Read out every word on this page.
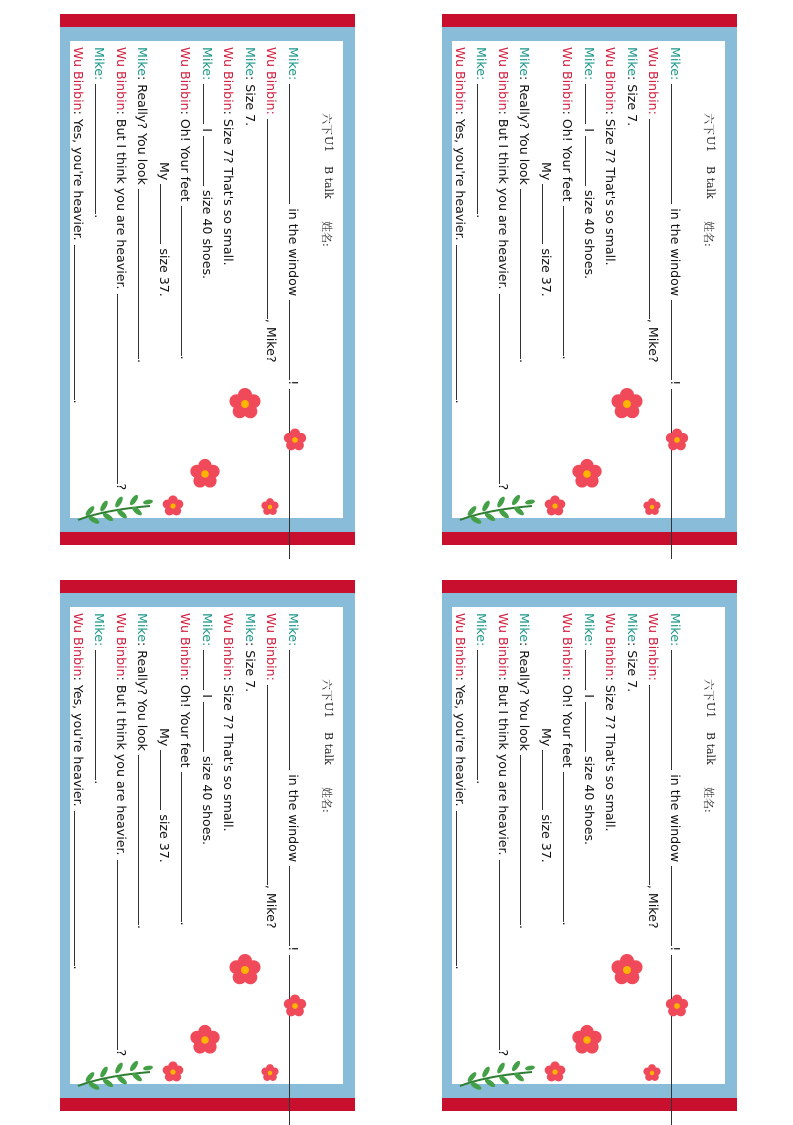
六下
U1
B talk
姓名:
Mike:  in the window !
Wu Binbin: , Mike?
Mike: Size 7.
Wu Binbin: Size 7? That's so small.
Mike:  I  size 40 shoes.
Wu Binbin: Oh! Your feet .
My  size 37.
Mike: Really? You look .
Wu Binbin: But I think you are heavier. ?
Mike: .
Wu Binbin: Yes, you're heavier. .
六下
U1
B talk
姓名:
Mike:  in the window !
Wu Binbin: , Mike?
Mike: Size 7.
Wu Binbin: Size 7? That's so small.
Mike:  I  size 40 shoes.
Wu Binbin: Oh! Your feet .
My  size 37.
Mike: Really? You look .
Wu Binbin: But I think you are heavier. ?
Mike: .
Wu Binbin: Yes, you're heavier. .
六下
U1
B talk
姓名:
Mike:  in the window !
Wu Binbin: , Mike?
Mike: Size 7.
Wu Binbin: Size 7? That's so small.
Mike:  I  size 40 shoes.
Wu Binbin: Oh! Your feet .
My  size 37.
Mike: Really? You look .
Wu Binbin: But I think you are heavier. ?
Mike: .
Wu Binbin: Yes, you're heavier. .
六下
U1
B talk
姓名:
Mike:  in the window !
Wu Binbin: , Mike?
Mike: Size 7.
Wu Binbin: Size 7? That's so small.
Mike:  I  size 40 shoes.
Wu Binbin: Oh! Your feet .
My  size 37.
Mike: Really? You look .
Wu Binbin: But I think you are heavier. ?
Mike: .
Wu Binbin: Yes, you're heavier. .
